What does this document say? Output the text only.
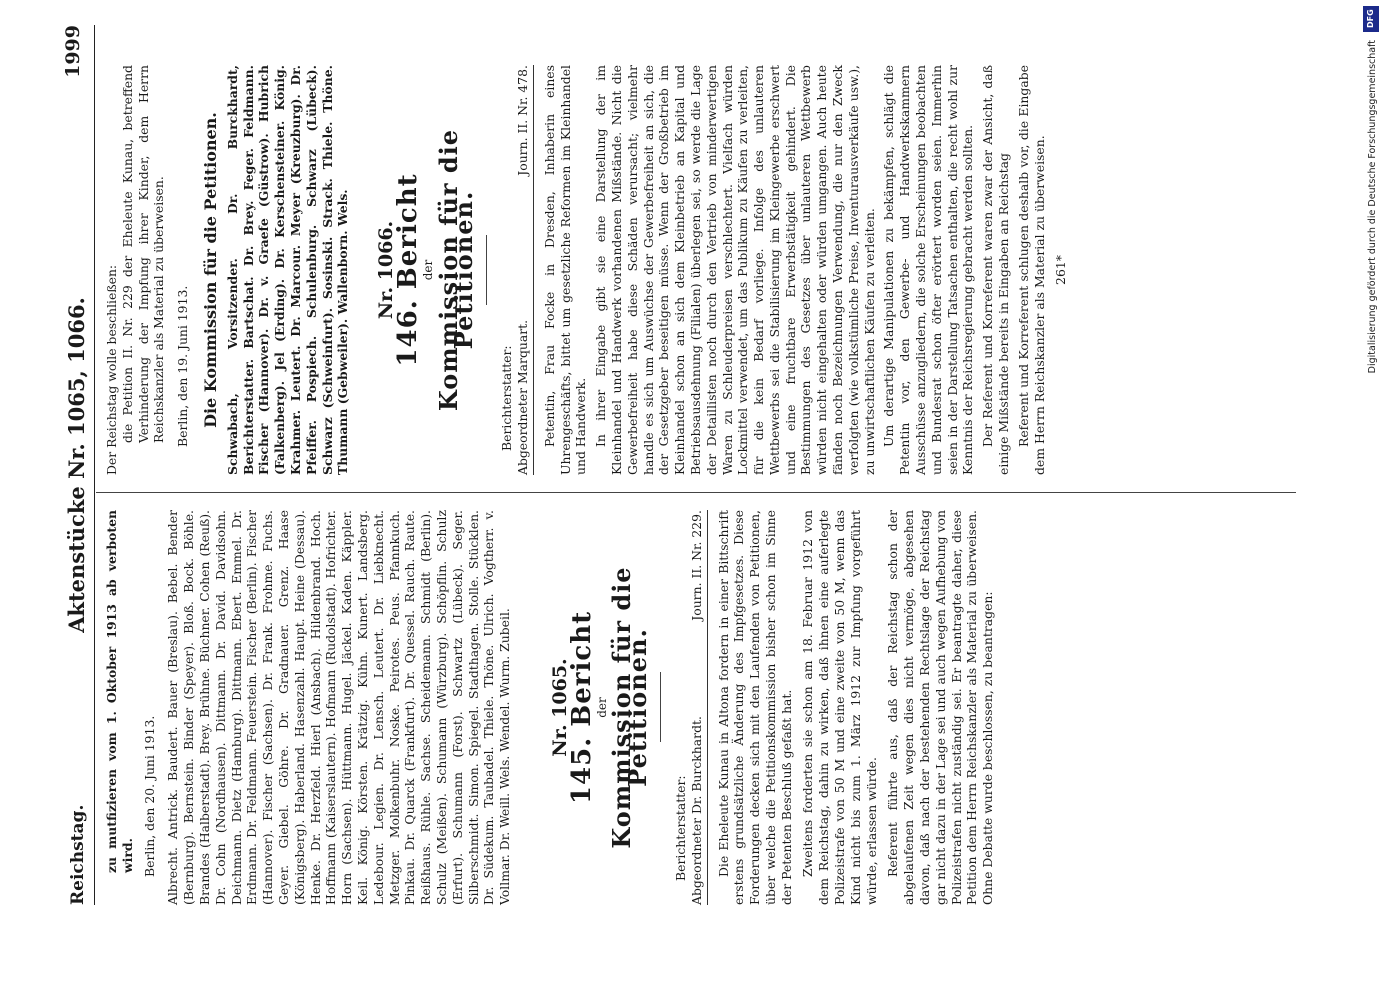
Reichstag.
Aktenstücke Nr. 1065, 1066.
1999

zu mutfizieren vom 1. Oktober 1913 ab verboten wird. Berlin, den 20. Juni 1913. Albrecht. Antrick. Baudert. Bauer (Breslau). Bebel. Bender (Bernburg). Bernstein. Binder (Speyer). Bloß. Bock. Böhle. Brandes (Halberstadt). Brey. Brühne. Büchner. Cohen (Reuß). Dr. Cohn (Nordhausen). Dittmann. Dr. David. Davidsohn. Deichmann. Dietz (Hamburg). Dittmann. Ebert. Emmel. Dr. Erdmann. Dr. Feldmann. Feuerstein. Fischer (Berlin). Fischer (Hannover). Fischer (Sachsen). Dr. Frank. Frohme. Fuchs. Geyer. Giebel. Göhre. Dr. Gradnauer. Grenz. Haase (Königsberg). Haberland. Hasenzahl. Haupt. Heine (Dessau). Henke. Dr. Herzfeld. Hierl (Ansbach). Hildenbrand. Hoch. Hoffmann (Kaiserslautern). Hofmann (Rudolstadt). Hofrichter. Horn (Sachsen). Hüttmann. Hugel. Jäckel. Kaden. Käppler. Keil. König. Körsten. Krätzig. Kühn. Kunert. Landsberg. Ledebour. Legien. Dr. Lensch. Leutert. Dr. Liebknecht. Metzger. Molkenbuhr. Noske. Peirotes. Peus. Pfannkuch. Pinkau. Dr. Quarck (Frankfurt). Dr. Quessel. Rauch. Raute. Reißhaus. Rühle. Sachse. Scheidemann. Schmidt (Berlin). Schulz (Meißen). Schumann (Würzburg). Schöpflin. Schulz (Erfurt). Schumann (Forst). Schwartz (Lübeck). Seger. Silberschmidt. Simon. Spiegel. Stadthagen. Stolle. Stücklen. Dr. Südekum. Taubadel. Thiele. Thöne. Ulrich. Vogtherr. v. Vollmar. Dr. Weill. Wels. Wendel. Wurm. Zubeil. Nr. 1065.
145. Bericht
der
Kommission für die Petitionen.
Berichterstatter: Abgeordneter Dr. Burckhardt.
Journ. II. Nr. 229. Die Eheleute Kunau in Altona fordern in einer Bittschrift erstens grundsätzliche Änderung des Impfgesetzes. Diese Forderungen decken sich mit den Laufenden von Petitionen, über welche die Petitionskommission bisher schon im Sinne der Petenten Beschluß gefaßt hat. Zweitens forderten sie schon am 18. Februar 1912 von dem Reichstag, dahin zu wirken, daß ihnen eine auferlegte Polizeistrafe von 50 M und eine zweite von 50 M, wenn das Kind nicht bis zum 1. März 1912 zur Impfung vorgeführt würde, erlassen würde. Referent führte aus, daß der Reichstag schon der abgelaufenen Zeit wegen dies nicht vermöge, abgesehen davon, daß nach der bestehenden Rechtslage der Reichstag gar nicht dazu in der Lage sei und auch wegen Aufhebung von Polizeistrafen nicht zuständig sei. Er beantragte daher, diese Petition dem Herrn Reichskanzler als Material zu überweisen. Ohne Debatte wurde beschlossen, zu beantragen:

Der Reichstag wolle beschließen: die Petition II. Nr. 229 der Eheleute Kunau, betreffend Verhinderung der Impfung ihrer Kinder, dem Herrn Reichskanzler als Material zu überweisen. Berlin, den 19. Juni 1913. Die Kommission für die Petitionen. Schwabach, Vorsitzender. Dr. Burckhardt, Berichterstatter. Bartschat. Dr. Brey. Feger. Feldmann. Fischer (Hannover). Dr. v. Graefe (Güstrow). Hubrich (Falkenberg). Jel (Erding). Dr. Kerschensteiner. König. Krahmer. Leutert. Dr. Marcour. Meyer (Kreuzburg). Dr. Pfeiffer. Pospiech. Schulenburg. Schwarz (Lübeck). Schwarz (Schweinfurt). Sosinski. Strack. Thiele. Thöne. Thumann (Gebweiler). Wallenborn. Wels. Nr. 1066.
146. Bericht
der
Kommission für die Petitionen.
Berichterstatter: Abgeordneter Marquart.
Journ. II. Nr. 478. Petentin, Frau Focke in Dresden, Inhaberin eines Uhrengeschäfts, bittet um gesetzliche Reformen im Kleinhandel und Handwerk. In ihrer Eingabe gibt sie eine Darstellung der im Kleinhandel und Handwerk vorhandenen Mißstände. Nicht die Gewerbefreiheit habe diese Schäden verursacht; vielmehr handle es sich um Auswüchse der Gewerbefreiheit an sich, die der Gesetzgeber beseitigen müsse. Wenn der Großbetrieb im Kleinhandel schon an sich dem Kleinbetrieb an Kapital und Betriebsausdehnung (Filialen) überlegen sei, so werde die Lage der Detaillisten noch durch den Vertrieb von minderwertigen Waren zu Schleuderpreisen verschlechtert. Vielfach würden Lockmittel verwendet, um das Publikum zu Käufen zu verleiten, für die kein Bedarf vorliege. Infolge des unlauteren Wettbewerbs sei die Stabilisierung im Kleingewerbe erschwert und eine fruchtbare Erwerbstätigkeit gehindert. Die Bestimmungen des Gesetzes über unlauteren Wettbewerb würden nicht eingehalten oder würden umgangen. Auch heute fänden noch Bezeichnungen Verwendung, die nur den Zweck verfolgten (wie volkstümliche Preise, Inventurausverkäufe usw.), zu unwirtschaftlichen Käufen zu verleiten. Um derartige Manipulationen zu bekämpfen, schlägt die Petentin vor, den Gewerbe- und Handwerkskammern Ausschüsse anzugliedern, die solche Erscheinungen beobachten und Bundesrat schon öfter erörtert worden seien. Immerhin seien in der Darstellung Tatsachen enthalten, die recht wohl zur Kenntnis der Reichsregierung gebracht werden sollten. Der Referent und Korreferent waren zwar der Ansicht, daß einige Mißstände bereits in Eingaben an Reichstag Referent und Korreferent schlugen deshalb vor, die Eingabe dem Herrn Reichskanzler als Material zu überweisen. 261*

DFG
Digitalisierung gefördert durch die Deutsche Forschungsgemeinschaft
